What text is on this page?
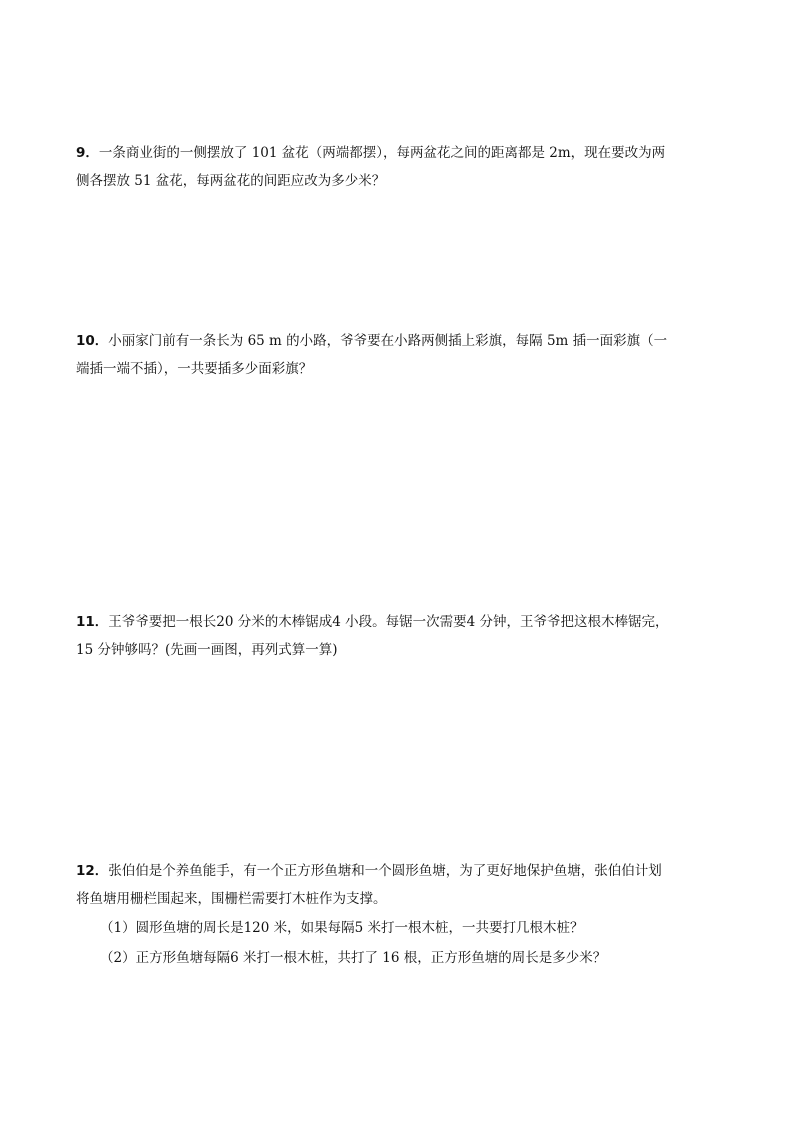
9．一条商业街的一侧摆放了 101 盆花（两端都摆），每两盆花之间的距离都是 2m，现在要改为两
侧各摆放 51 盆花，每两盆花的间距应改为多少米？
10．小丽家门前有一条长为 65 m 的小路，爷爷要在小路两侧插上彩旗，每隔 5m 插一面彩旗（一
端插一端不插），一共要插多少面彩旗？
11．王爷爷要把一根长20 分米的木棒锯成4 小段。每锯一次需要4 分钟，王爷爷把这根木棒锯完，
15 分钟够吗？(先画一画图，再列式算一算)
12．张伯伯是个养鱼能手，有一个正方形鱼塘和一个圆形鱼塘，为了更好地保护鱼塘，张伯伯计划
将鱼塘用栅栏围起来，围栅栏需要打木桩作为支撑。
（1）圆形鱼塘的周长是120 米，如果每隔5 米打一根木桩，一共要打几根木桩？
（2）正方形鱼塘每隔6 米打一根木桩，共打了 16 根，正方形鱼塘的周长是多少米？
